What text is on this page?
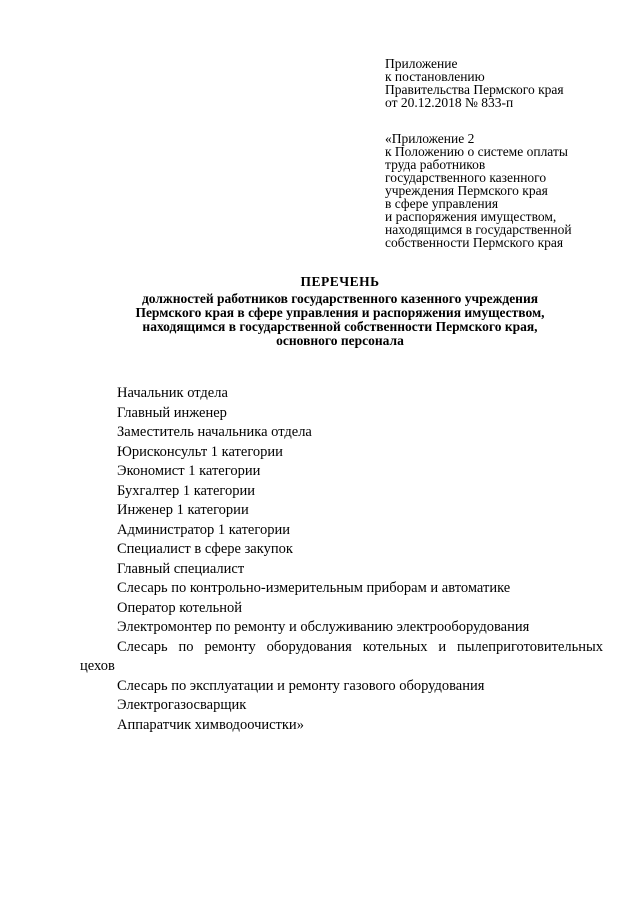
Приложение
к постановлению
Правительства Пермского края
от 20.12.2018 № 833-п
«Приложение 2
к Положению о системе оплаты
труда работников
государственного казенного
учреждения Пермского края
в сфере управления
и распоряжения имуществом,
находящимся в государственной
собственности Пермского края
ПЕРЕЧЕНЬ
должностей работников государственного казенного учреждения
Пермского края в сфере управления и распоряжения имуществом,
находящимся в государственной собственности Пермского края,
основного персонала
Начальник отдела
Главный инженер
Заместитель начальника отдела
Юрисконсульт 1 категории
Экономист 1 категории
Бухгалтер 1 категории
Инженер 1 категории
Администратор 1 категории
Специалист в сфере закупок
Главный специалист
Слесарь по контрольно-измерительным приборам и автоматике
Оператор котельной
Электромонтер по ремонту и обслуживанию электрооборудования
Слесарь по ремонту оборудования котельных и пылеприготовительных
цехов
Слесарь по эксплуатации и ремонту газового оборудования
Электрогазосварщик
Аппаратчик химводоочистки»
